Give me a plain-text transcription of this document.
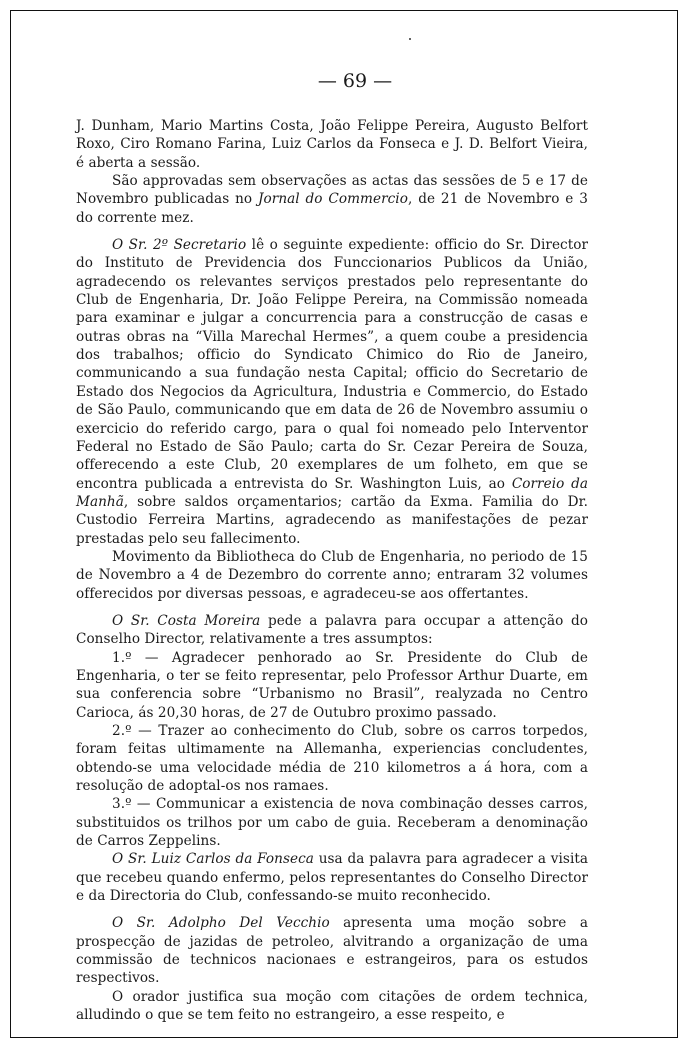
— 69 —

J. Dunham, Mario Martins Costa, João Felippe Pereira, Augusto Belfort Roxo, Ciro Romano Farina, Luiz Carlos da Fonseca e J. D. Belfort Vieira, é aberta a sessão.

São approvadas sem observações as actas das sessões de 5 e 17 de Novembro publicadas no Jornal do Commercio, de 21 de Novembro e 3 do corrente mez.

O Sr. 2º Secretario lê o seguinte expediente: officio do Sr. Director do Instituto de Previdencia dos Funccionarios Publicos da União, agradecendo os relevantes serviços prestados pelo representante do Club de Engenharia, Dr. João Felippe Pereira, na Commissão nomeada para examinar e julgar a concurrencia para a construcção de casas e outras obras na “Villa Marechal Hermes”, a quem coube a presidencia dos trabalhos; officio do Syndicato Chimico do Rio de Janeiro, communicando a sua fundação nesta Capital; officio do Secretario de Estado dos Negocios da Agricultura, Industria e Commercio, do Estado de São Paulo, communicando que em data de 26 de Novembro assumiu o exercicio do referido cargo, para o qual foi nomeado pelo Interventor Federal no Estado de São Paulo; carta do Sr. Cezar Pereira de Souza, offerecendo a este Club, 20 exemplares de um folheto, em que se encontra publicada a entrevista do Sr. Washington Luis, ao Correio da Manhã, sobre saldos orçamentarios; cartão da Exma. Familia do Dr. Custodio Ferreira Martins, agradecendo as manifestações de pezar prestadas pelo seu fallecimento.

Movimento da Bibliotheca do Club de Engenharia, no periodo de 15 de Novembro a 4 de Dezembro do corrente anno; entraram 32 volumes offerecidos por diversas pessoas, e agradeceu-se aos offertantes.

O Sr. Costa Moreira pede a palavra para occupar a attenção do Conselho Director, relativamente a tres assumptos:

1.º — Agradecer penhorado ao Sr. Presidente do Club de Engenharia, o ter se feito representar, pelo Professor Arthur Duarte, em sua conferencia sobre “Urbanismo no Brasil”, realyzada no Centro Carioca, ás 20,30 horas, de 27 de Outubro proximo passado.

2.º — Trazer ao conhecimento do Club, sobre os carros torpedos, foram feitas ultimamente na Allemanha, experiencias concludentes, obtendo-se uma velocidade média de 210 kilometros a á hora, com a resolução de adoptal-os nos ramaes.

3.º — Communicar a existencia de nova combinação desses carros, substituidos os trilhos por um cabo de guia. Receberam a denominação de Carros Zeppelins.

O Sr. Luiz Carlos da Fonseca usa da palavra para agradecer a visita que recebeu quando enfermo, pelos representantes do Conselho Director e da Directoria do Club, confessando-se muito reconhecido.

O Sr. Adolpho Del Vecchio apresenta uma moção sobre a prospecção de jazidas de petroleo, alvitrando a organização de uma commissão de technicos nacionaes e estrangeiros, para os estudos respectivos.

O orador justifica sua moção com citações de ordem technica, alludindo o que se tem feito no estrangeiro, a esse respeito, e
